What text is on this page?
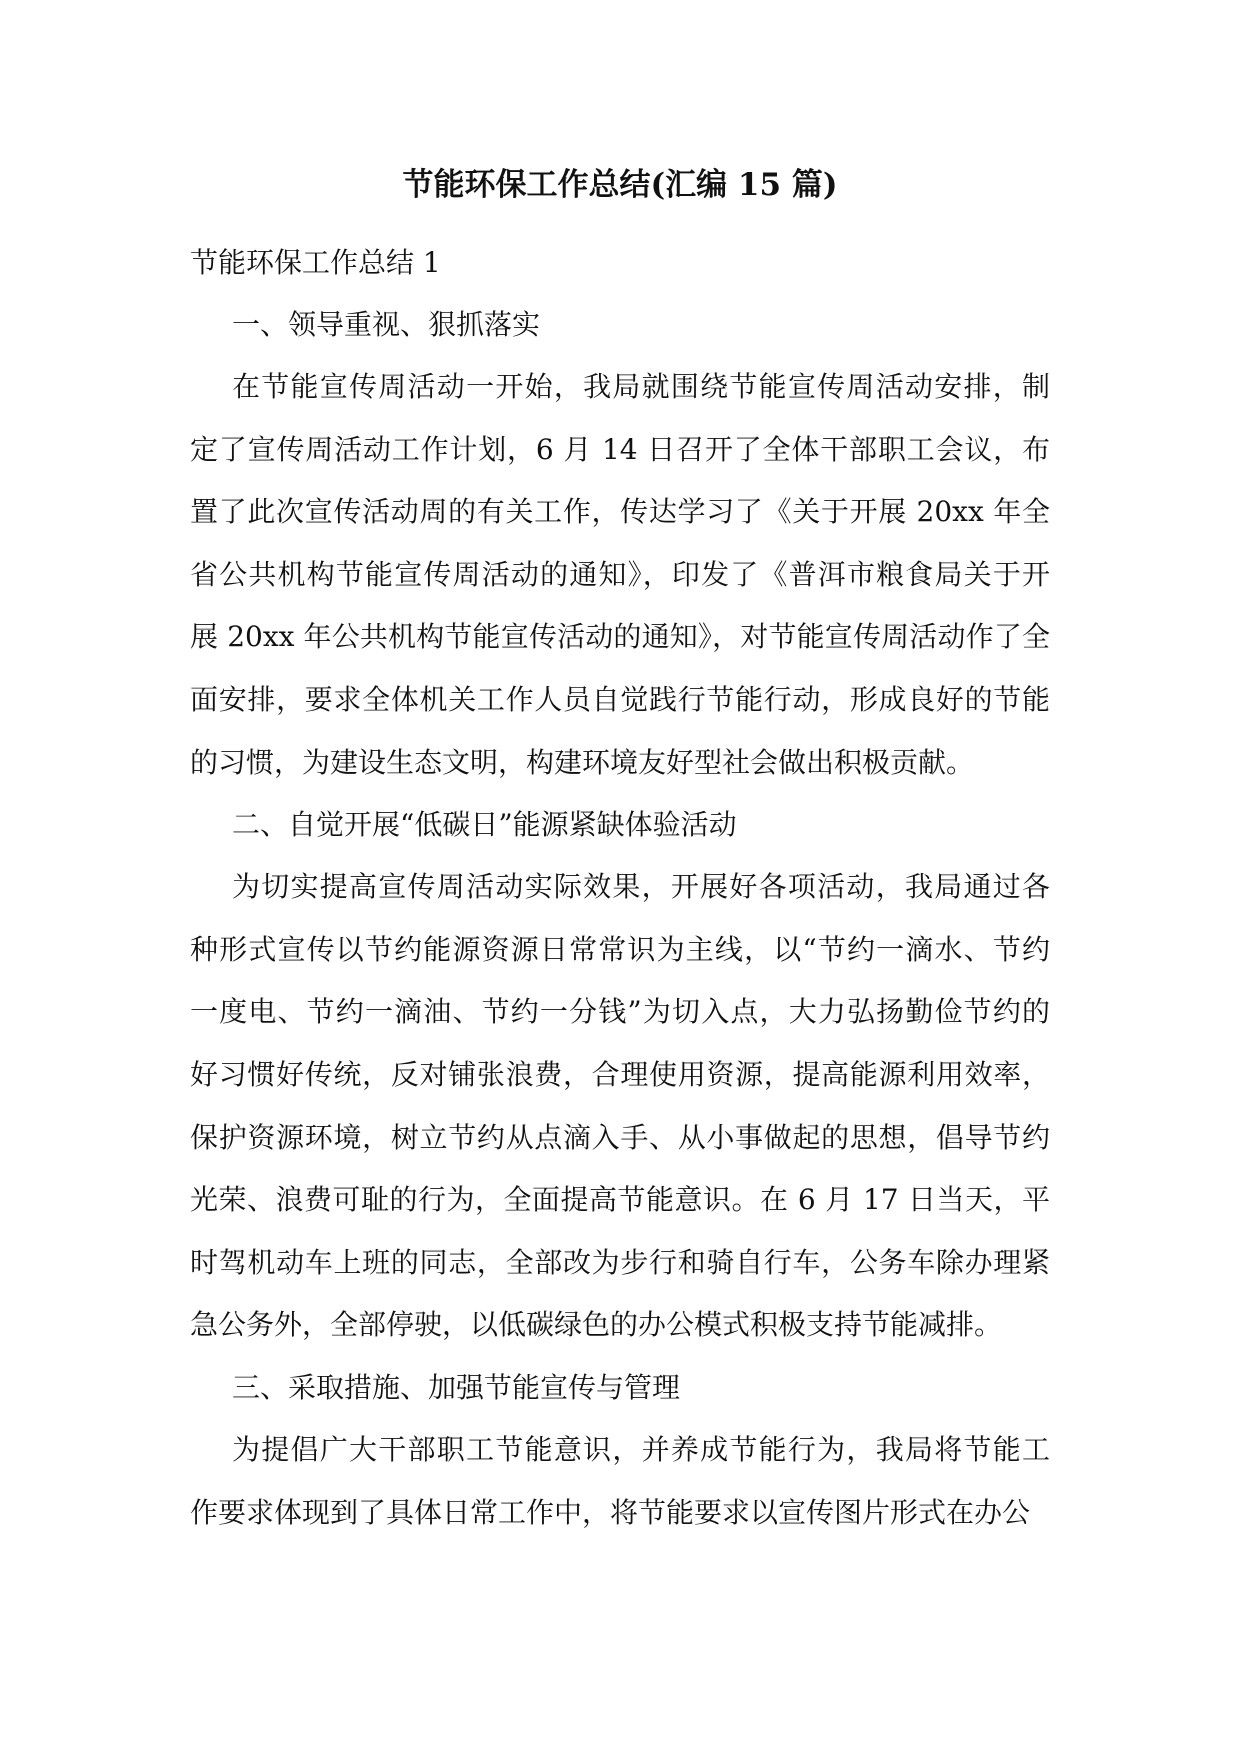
节能环保工作总结(汇编 15 篇)
节能环保工作总结 1
一、领导重视、狠抓落实
在节能宣传周活动一开始，我局就围绕节能宣传周活动安排，制
定了宣传周活动工作计划，6 月 14 日召开了全体干部职工会议，布
置了此次宣传活动周的有关工作，传达学习了《关于开展 20xx 年全
省公共机构节能宣传周活动的通知》，印发了《普洱市粮食局关于开
展 20xx 年公共机构节能宣传活动的通知》，对节能宣传周活动作了全
面安排，要求全体机关工作人员自觉践行节能行动，形成良好的节能
的习惯，为建设生态文明，构建环境友好型社会做出积极贡献。
二、自觉开展“低碳日”能源紧缺体验活动
为切实提高宣传周活动实际效果，开展好各项活动，我局通过各
种形式宣传以节约能源资源日常常识为主线，以“节约一滴水、节约
一度电、节约一滴油、节约一分钱”为切入点，大力弘扬勤俭节约的
好习惯好传统，反对铺张浪费，合理使用资源，提高能源利用效率，
保护资源环境，树立节约从点滴入手、从小事做起的思想，倡导节约
光荣、浪费可耻的行为，全面提高节能意识。在 6 月 17 日当天，平
时驾机动车上班的同志，全部改为步行和骑自行车，公务车除办理紧
急公务外，全部停驶，以低碳绿色的办公模式积极支持节能减排。
三、采取措施、加强节能宣传与管理
为提倡广大干部职工节能意识，并养成节能行为，我局将节能工
作要求体现到了具体日常工作中，将节能要求以宣传图片形式在办公
